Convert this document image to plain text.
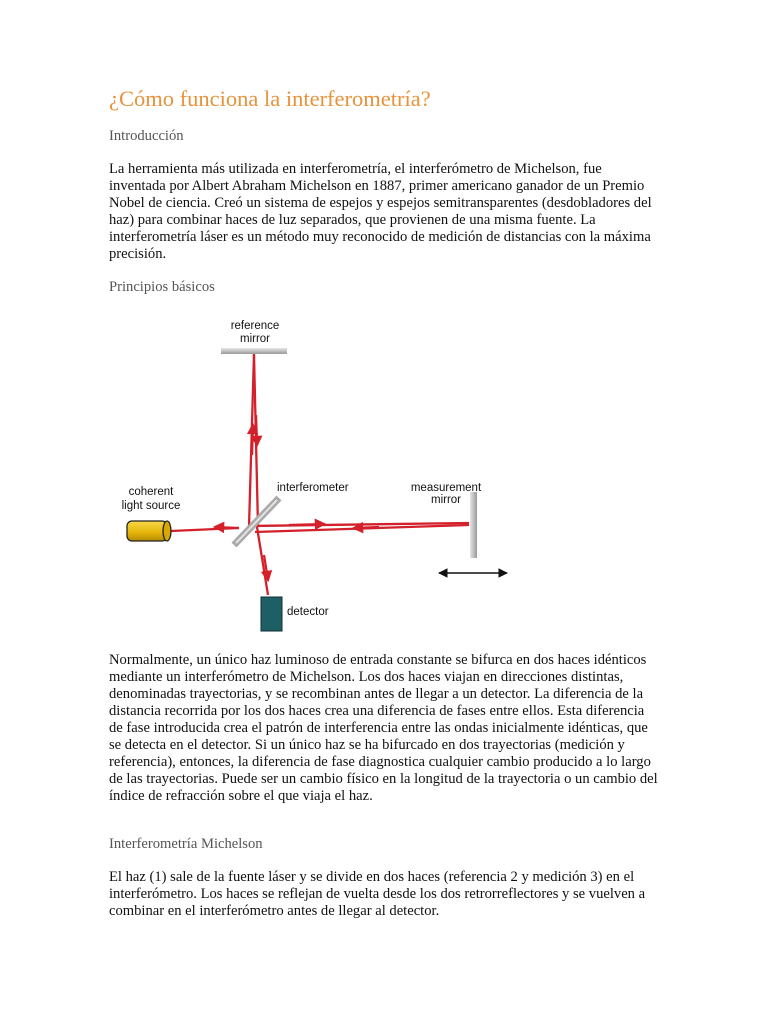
¿Cómo funciona la interferometría?
Introducción

La herramienta más utilizada en interferometría, el interferómetro de Michelson, fue inventada por Albert Abraham Michelson en 1887, primer americano ganador de un Premio Nobel de ciencia. Creó un sistema de espejos y espejos semitransparentes (desdobladores del haz) para combinar haces de luz separados, que provienen de una misma fuente. La interferometría láser es un método muy reconocido de medición de distancias con la máxima precisión.

Principios básicos
reference
mirror
interferometer
coherent
light source
measurement
mirror
detector

Normalmente, un único haz luminoso de entrada constante se bifurca en dos haces idénticos mediante un interferómetro de Michelson. Los dos haces viajan en direcciones distintas, denominadas trayectorias, y se recombinan antes de llegar a un detector. La diferencia de la distancia recorrida por los dos haces crea una diferencia de fases entre ellos. Esta diferencia de fase introducida crea el patrón de interferencia entre las ondas inicialmente idénticas, que se detecta en el detector. Si un único haz se ha bifurcado en dos trayectorias (medición y referencia), entonces, la diferencia de fase diagnostica cualquier cambio producido a lo largo de las trayectorias. Puede ser un cambio físico en la longitud de la trayectoria o un cambio del índice de refracción sobre el que viaja el haz.

Interferometría Michelson

El haz (1) sale de la fuente láser y se divide en dos haces (referencia 2 y medición 3) en el interferómetro. Los haces se reflejan de vuelta desde los dos retrorreflectores y se vuelven a combinar en el interferómetro antes de llegar al detector.
